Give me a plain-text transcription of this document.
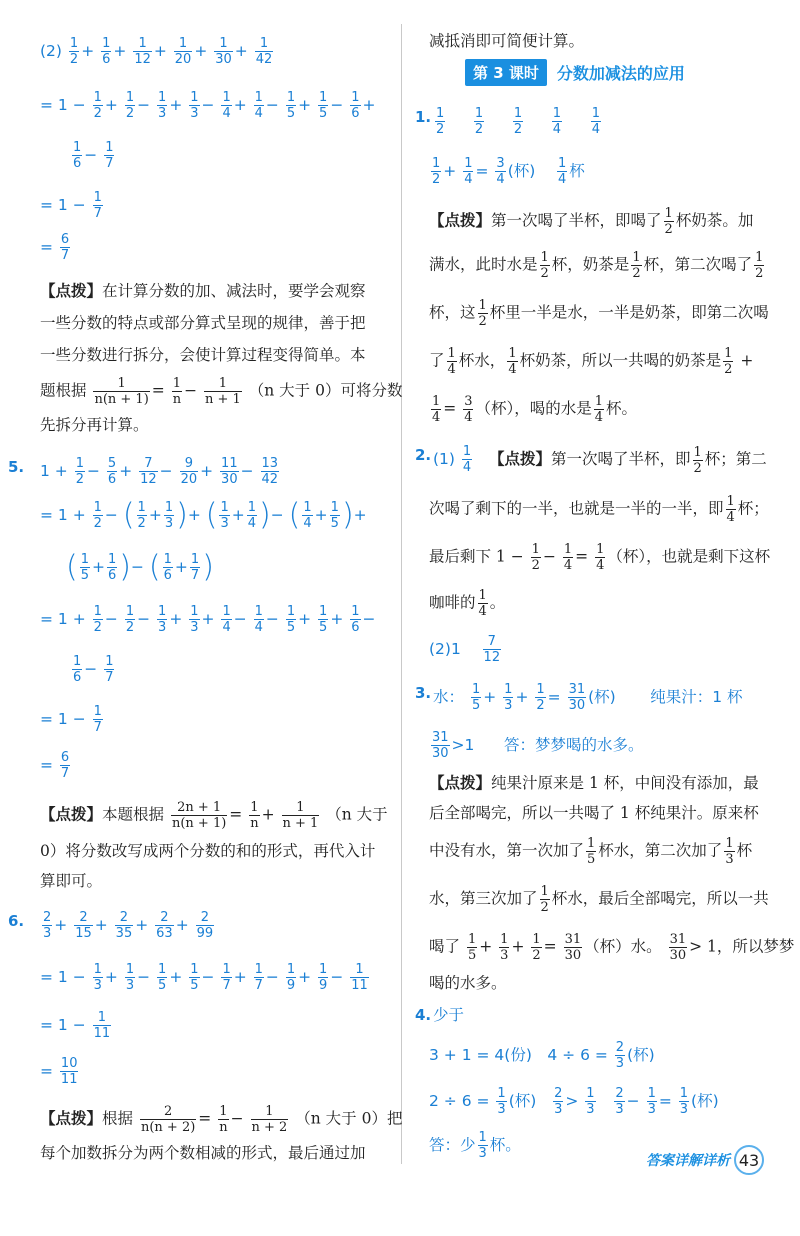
$(2) \frac{1}{2} + \frac{1}{6} + \frac{1}{12} + \frac{1}{20} + \frac{1}{30} + \frac{1}{42}$
= $1 - \frac{1}{2} + \frac{1}{2} - \frac{1}{3} + \frac{1}{3} - \frac{1}{4} + \frac{1}{4} - \frac{1}{5} + \frac{1}{5} - \frac{1}{6}$ +
$\frac{1}{6} - \frac{1}{7}$
= $1 - \frac{1}{7}$
= $\frac{6}{7}$
【点拨】在计算分数的加、减法时，要学会观察
一些分数的特点或部分算式呈现的规律，善于把
一些分数进行拆分，会使计算过程变得简单。本
题根据 $\frac{1}{n(n + 1)} = \frac{1}{n} - \frac{1}{n + 1} (n$ 大于 0）可将分数
先拆分再计算。
5. $1 + \frac{1}{2} - \frac{5}{6} + \frac{7}{12} - \frac{9}{20} + \frac{11}{30} - \frac{13}{42}$
= $1 + \frac{1}{2}$ − ( $\frac{1}{2} + \frac{1}{3}$ )+ ( $\frac{1}{3} + \frac{1}{4}$ )− ( $\frac{1}{4} + \frac{1}{5}$ )+
( $\frac{1}{5} + \frac{1}{6}$ )− ( $\frac{1}{6} + \frac{1}{7}$ )
= $1 + \frac{1}{2} - \frac{1}{2} - \frac{1}{3} + \frac{1}{3} + \frac{1}{4} - \frac{1}{4} - \frac{1}{5} + \frac{1}{5} + \frac{1}{6}$ −
$\frac{1}{6} - \frac{1}{7}$
= $1 - \frac{1}{7}$
= $\frac{6}{7}$
【点拨】本题根据 $\frac{2n + 1}{n(n + 1)} = \frac{1}{n} + \frac{1}{n + 1} (n$ 大于
0）将分数改写成两个分数的和的形式，再代入计
算即可。
6. $\frac{2}{3} + \frac{2}{15} + \frac{2}{35} + \frac{2}{63} + \frac{2}{99}$
= $1 - \frac{1}{3} + \frac{1}{3} - \frac{1}{5} + \frac{1}{5} - \frac{1}{7} + \frac{1}{7} - \frac{1}{9} + \frac{1}{9} - \frac{1}{11}$
= $1 - \frac{1}{11}$
= $\frac{10}{11}$
【点拨】根据 $\frac{2}{n(n + 2)} = \frac{1}{n} - \frac{1}{n + 2} (n$ 大于 0）把
每个加数拆分为两个数相减的形式，最后通过加
减抵消即可简便计算。
第 3 课时	分数加减法的应用
1. $\frac{1}{2}$
$\frac{1}{2}$
$\frac{1}{2}$
$\frac{1}{4}$
$\frac{1}{4}$
$\frac{1}{2} + \frac{1}{4} = \frac{3}{4}$ (杯) $\frac{1}{4}$ 杯
【点拨】第一次喝了半杯，即喝了 $\frac{1}{2}$ 杯奶茶。加
满水，此时水是 $\frac{1}{2}$ 杯，奶茶是 $\frac{1}{2}$ 杯，第二次喝了 $\frac{1}{2}$
杯，这 $\frac{1}{2}$ 杯里一半是水，一半是奶茶，即第二次喝
了 $\frac{1}{4}$ 杯水， $\frac{1}{4}$ 杯奶茶，所以一共喝的奶茶是 $\frac{1}{2}$ +
$\frac{1}{4} = \frac{3}{4}$ （杯），喝的水是 $\frac{1}{4}$ 杯。
2. $(1) \frac{1}{4}$ 【点拨】第一次喝了半杯，即 $\frac{1}{2}$ 杯；第二
次喝了剩下的一半，也就是一半的一半，即 $\frac{1}{4}$ 杯；
最后剩下 $1 - \frac{1}{2} - \frac{1}{4} = \frac{1}{4}$ （杯），也就是剩下这杯
咖啡的 $\frac{1}{4}$ 。
$(2)1 \frac{7}{12}$
3. 水： $\frac{1}{5} + \frac{1}{3} + \frac{1}{2} = \frac{31}{30}$ (杯) 纯果汁：1 杯
$\frac{31}{30} >1$      答：梦梦喝的水多。
【点拨】纯果汁原来是 1 杯，中间没有添加，最
后全部喝完，所以一共喝了 1 杯纯果汁。原来杯
中没有水，第一次加了 $\frac{1}{5}$ 杯水，第二次加了 $\frac{1}{3}$ 杯
水，第三次加了 $\frac{1}{2}$ 杯水，最后全部喝完，所以一共
喝了 $\frac{1}{5} + \frac{1}{3} + \frac{1}{2} = \frac{31}{30}$ （杯）水。 $\frac{31}{30} > 1$，所以梦梦
喝的水多。
4. 少于
3 + 1 = 4(份)　$4 \div 6 = \frac{2}{3}$ (杯)
$2 \div 6 = \frac{1}{3}$ (杯) $\frac{2}{3} > \frac{1}{3}$
$\frac{2}{3} - \frac{1}{3} = \frac{1}{3}$ (杯)
答：少 $\frac{1}{3}$ 杯。
答案详解详析 43
